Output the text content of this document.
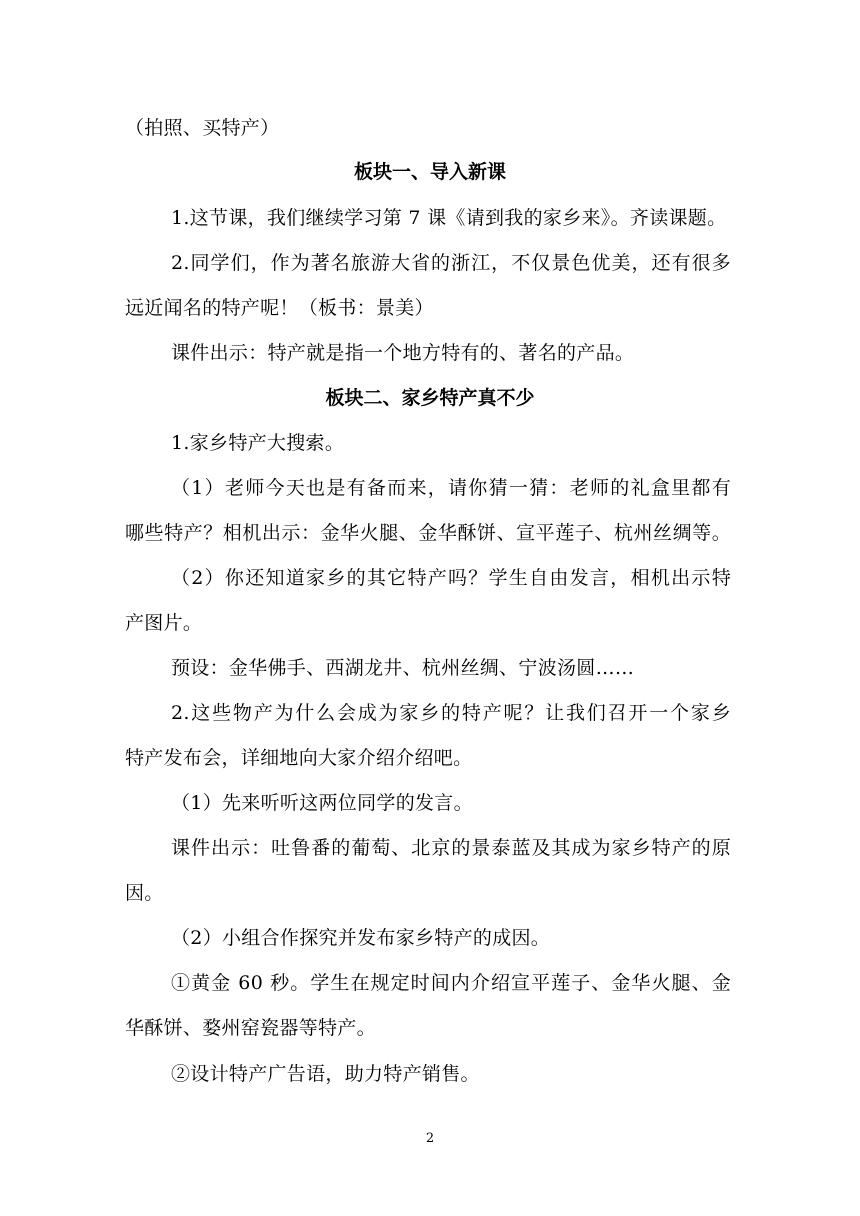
（拍照、买特产）
板块一、导入新课
1.这节课，我们继续学习第 7 课《请到我的家乡来》。齐读课题。
2.同学们，作为著名旅游大省的浙江，不仅景色优美，还有很多
远近闻名的特产呢！（板书：景美）
课件出示：特产就是指一个地方特有的、著名的产品。
板块二、家乡特产真不少
1.家乡特产大搜索。
（1）老师今天也是有备而来，请你猜一猜：老师的礼盒里都有
哪些特产？相机出示：金华火腿、金华酥饼、宣平莲子、杭州丝绸等。
（2）你还知道家乡的其它特产吗？学生自由发言，相机出示特
产图片。
预设：金华佛手、西湖龙井、杭州丝绸、宁波汤圆……
2.这些物产为什么会成为家乡的特产呢？让我们召开一个家乡
特产发布会，详细地向大家介绍介绍吧。
（1）先来听听这两位同学的发言。
课件出示：吐鲁番的葡萄、北京的景泰蓝及其成为家乡特产的原
因。
（2）小组合作探究并发布家乡特产的成因。
①黄金 60 秒。学生在规定时间内介绍宣平莲子、金华火腿、金
华酥饼、婺州窑瓷器等特产。
②设计特产广告语，助力特产销售。
2
